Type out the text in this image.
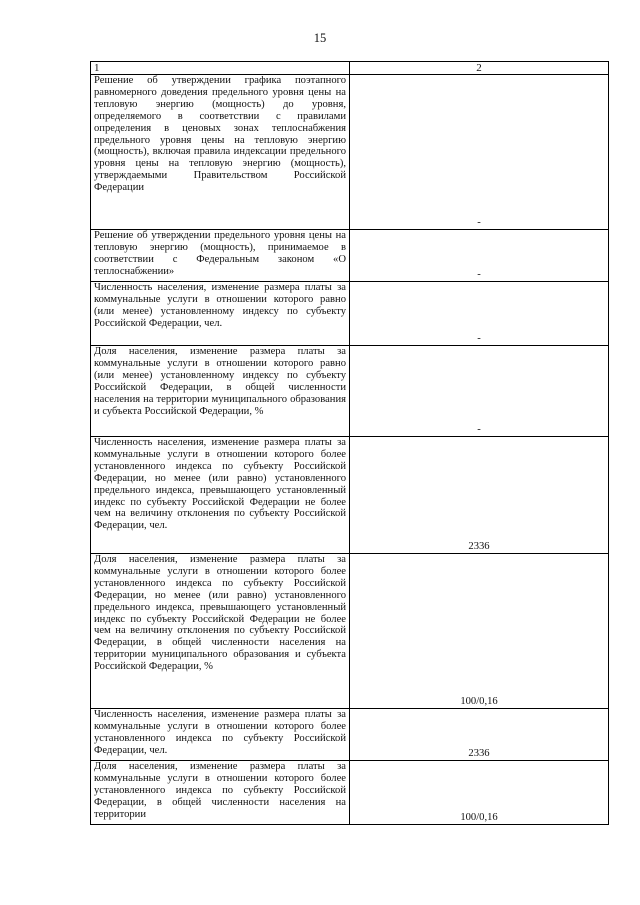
15
1	2
Решение об утверждении графика поэтапного равномерного доведения предельного уровня цены на тепловую энергию (мощность) до уровня, определяемого в соответствии с правилами определения в ценовых зонах теплоснабжения предельного уровня цены на тепловую энергию (мощность), включая правила индексации предельного уровня цены на тепловую энергию (мощность), утверждаемыми Правительством Российской Федерации	-
Решение об утверждении предельного уровня цены на тепловую энергию (мощность), принимаемое в соответствии с Федеральным законом «О теплоснабжении»	-
Численность населения, изменение размера платы за коммунальные услуги в отношении которого равно (или менее) установленному индексу по субъекту Российской Федерации, чел.	-
Доля населения, изменение размера платы за коммунальные услуги в отношении которого равно (или менее) установленному индексу по субъекту Российской Федерации, в общей численности населения на территории муниципального образования и субъекта Российской Федерации, %	-
Численность населения, изменение размера платы за коммунальные услуги в отношении которого более установленного индекса по субъекту Российской Федерации, но менее (или равно) установленного предельного индекса, превышающего установленный индекс по субъекту Российской Федерации не более чем на величину отклонения по субъекту Российской Федерации, чел.	2336
Доля населения, изменение размера платы за коммунальные услуги в отношении которого более установленного индекса по субъекту Российской Федерации, но менее (или равно) установленного предельного индекса, превышающего установленный индекс по субъекту Российской Федерации не более чем на величину отклонения по субъекту Российской Федерации, в общей численности населения на территории муниципального образования и субъекта Российской Федерации, %	100/0,16
Численность населения, изменение размера платы за коммунальные услуги в отношении которого более установленного индекса по субъекту Российской Федерации, чел.	2336
Доля населения, изменение размера платы за коммунальные услуги в отношении которого более установленного индекса по субъекту Российской Федерации, в общей численности населения на территории	100/0,16
